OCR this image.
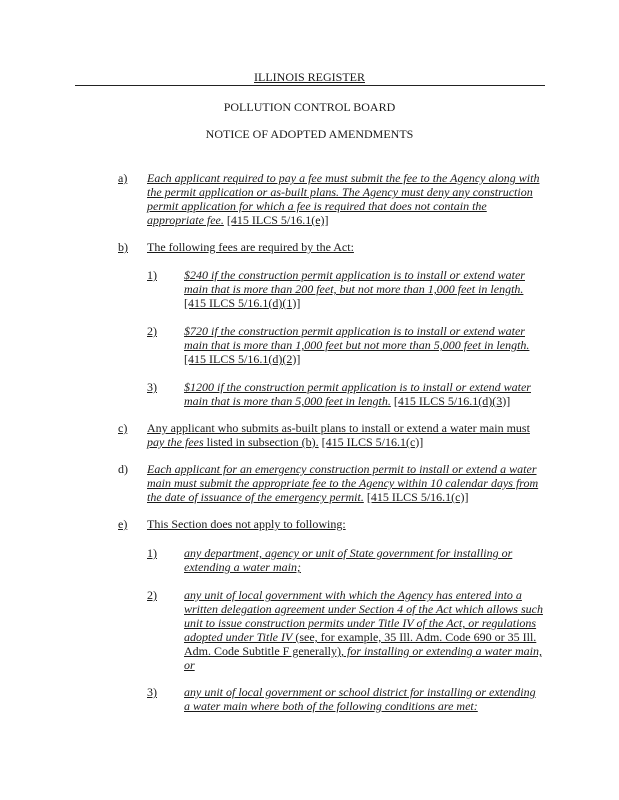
ILLINOIS REGISTER
POLLUTION CONTROL BOARD
NOTICE OF ADOPTED AMENDMENTS
a) Each applicant required to pay a fee must submit the fee to the Agency along with
the permit application or as-built plans. The Agency must deny any construction
permit application for which a fee is required that does not contain the
appropriate fee. [415 ILCS 5/16.1(e)]
b) The following fees are required by the Act:
1) $240 if the construction permit application is to install or extend water
main that is more than 200 feet, but not more than 1,000 feet in length.
[415 ILCS 5/16.1(d)(1)]
2) $720 if the construction permit application is to install or extend water
main that is more than 1,000 feet but not more than 5,000 feet in length.
[415 ILCS 5/16.1(d)(2)]
3) $1200 if the construction permit application is to install or extend water
main that is more than 5,000 feet in length. [415 ILCS 5/16.1(d)(3)]
c) Any applicant who submits as-built plans to install or extend a water main must
pay the fees listed in subsection (b). [415 ILCS 5/16.1(c)]
d) Each applicant for an emergency construction permit to install or extend a water
main must submit the appropriate fee to the Agency within 10 calendar days from
the date of issuance of the emergency permit. [415 ILCS 5/16.1(c)]
e) This Section does not apply to following:
1) any department, agency or unit of State government for installing or
extending a water main;
2) any unit of local government with which the Agency has entered into a
written delegation agreement under Section 4 of the Act which allows such
unit to issue construction permits under Title IV of the Act, or regulations
adopted under Title IV (see, for example, 35 Ill. Adm. Code 690 or 35 Ill.
Adm. Code Subtitle F generally), for installing or extending a water main,
or
3) any unit of local government or school district for installing or extending
a water main where both of the following conditions are met:
